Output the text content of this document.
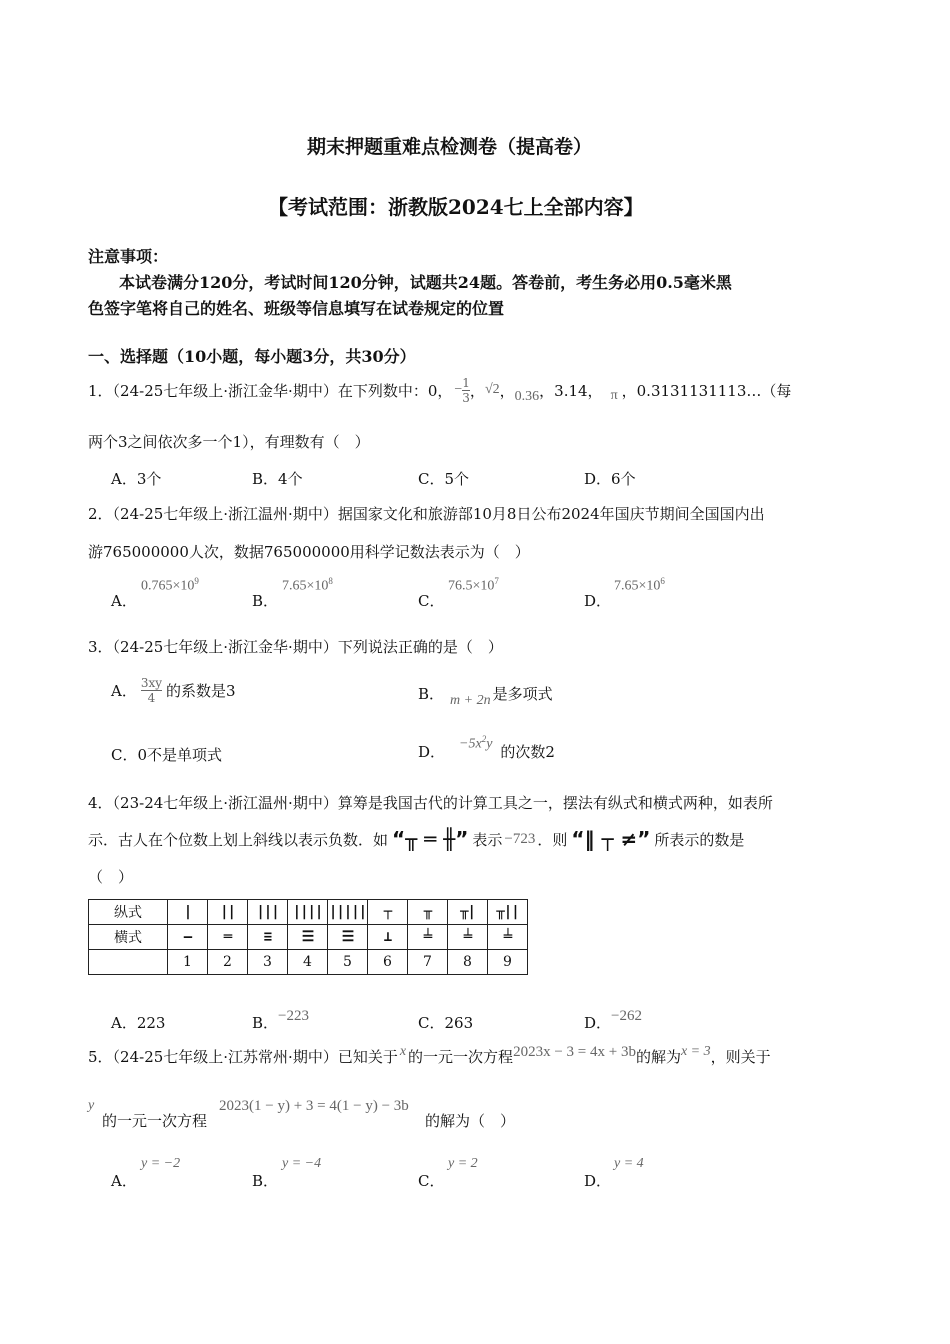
期末押题重难点检测卷（提高卷）
【考试范围：浙教版2024七上全部内容】
注意事项：
本试卷满分120分，考试时间120分钟，试题共24题。答卷前，考生务必用0.5毫米黑
色签字笔将自己的姓名、班级等信息填写在试卷规定的位置
一、选择题（10小题，每小题3分，共30分）
1．（24-25七年级上·浙江金华·期中）在下列数中：0， − $\frac{1}{3}$ ， √2 ， 0.36 ， 3.14， π ，0.3131131113…（每
两个3之间依次多一个1），有理数有（　）
A．3个	B．4个	C．5个	D．6个
2．（24-25七年级上·浙江温州·期中）据国家文化和旅游部10月8日公布2024年国庆节期间全国国内出
游765000000人次，数据765000000用科学记数法表示为（　）
A．
$0.765\times 10^9$
B．
$7.65\times 10^8$
C．
$76.5\times 10^7$
D．
$7.65\times 10^6$
3．（24-25七年级上·浙江金华·期中）下列说法正确的是（　）
A． $\frac{3xy}{4}$ 的系数是3	B． m + 2n 是多项式
C．0不是单项式	D． $-5x^2y$ 的次数2
4．（23-24七年级上·浙江温州·期中）算筹是我国古代的计算工具之一，摆法有纵式和横式两种，如表所
示．古人在个位数上划上斜线以表示负数．如 “╥ ═ ╫” 表示 −723 ．则 “‖ ┬ ≠” 所表示的数是
（　）
纵式	|	||	|||	||||	|||||	┬	╥	╥|	╥||
横式	—	═	≡	☰	☰	⊥	╧	╧	╧
	1	2	3	4	5	6	7	8	9
A．223	B． −223	C．263	D． −262
5．（24-25七年级上·江苏常州·期中）已知关于 x 的一元一次方程 2023x − 3 = 4x + 3b 的解为 x = 3 ，则关于
y
的一元一次方程
2023(1 − y) + 3 = 4(1 − y) − 3b
的解为（　）
A．
y = −2
B．
y = −4
C．
y = 2
D．
y = 4
